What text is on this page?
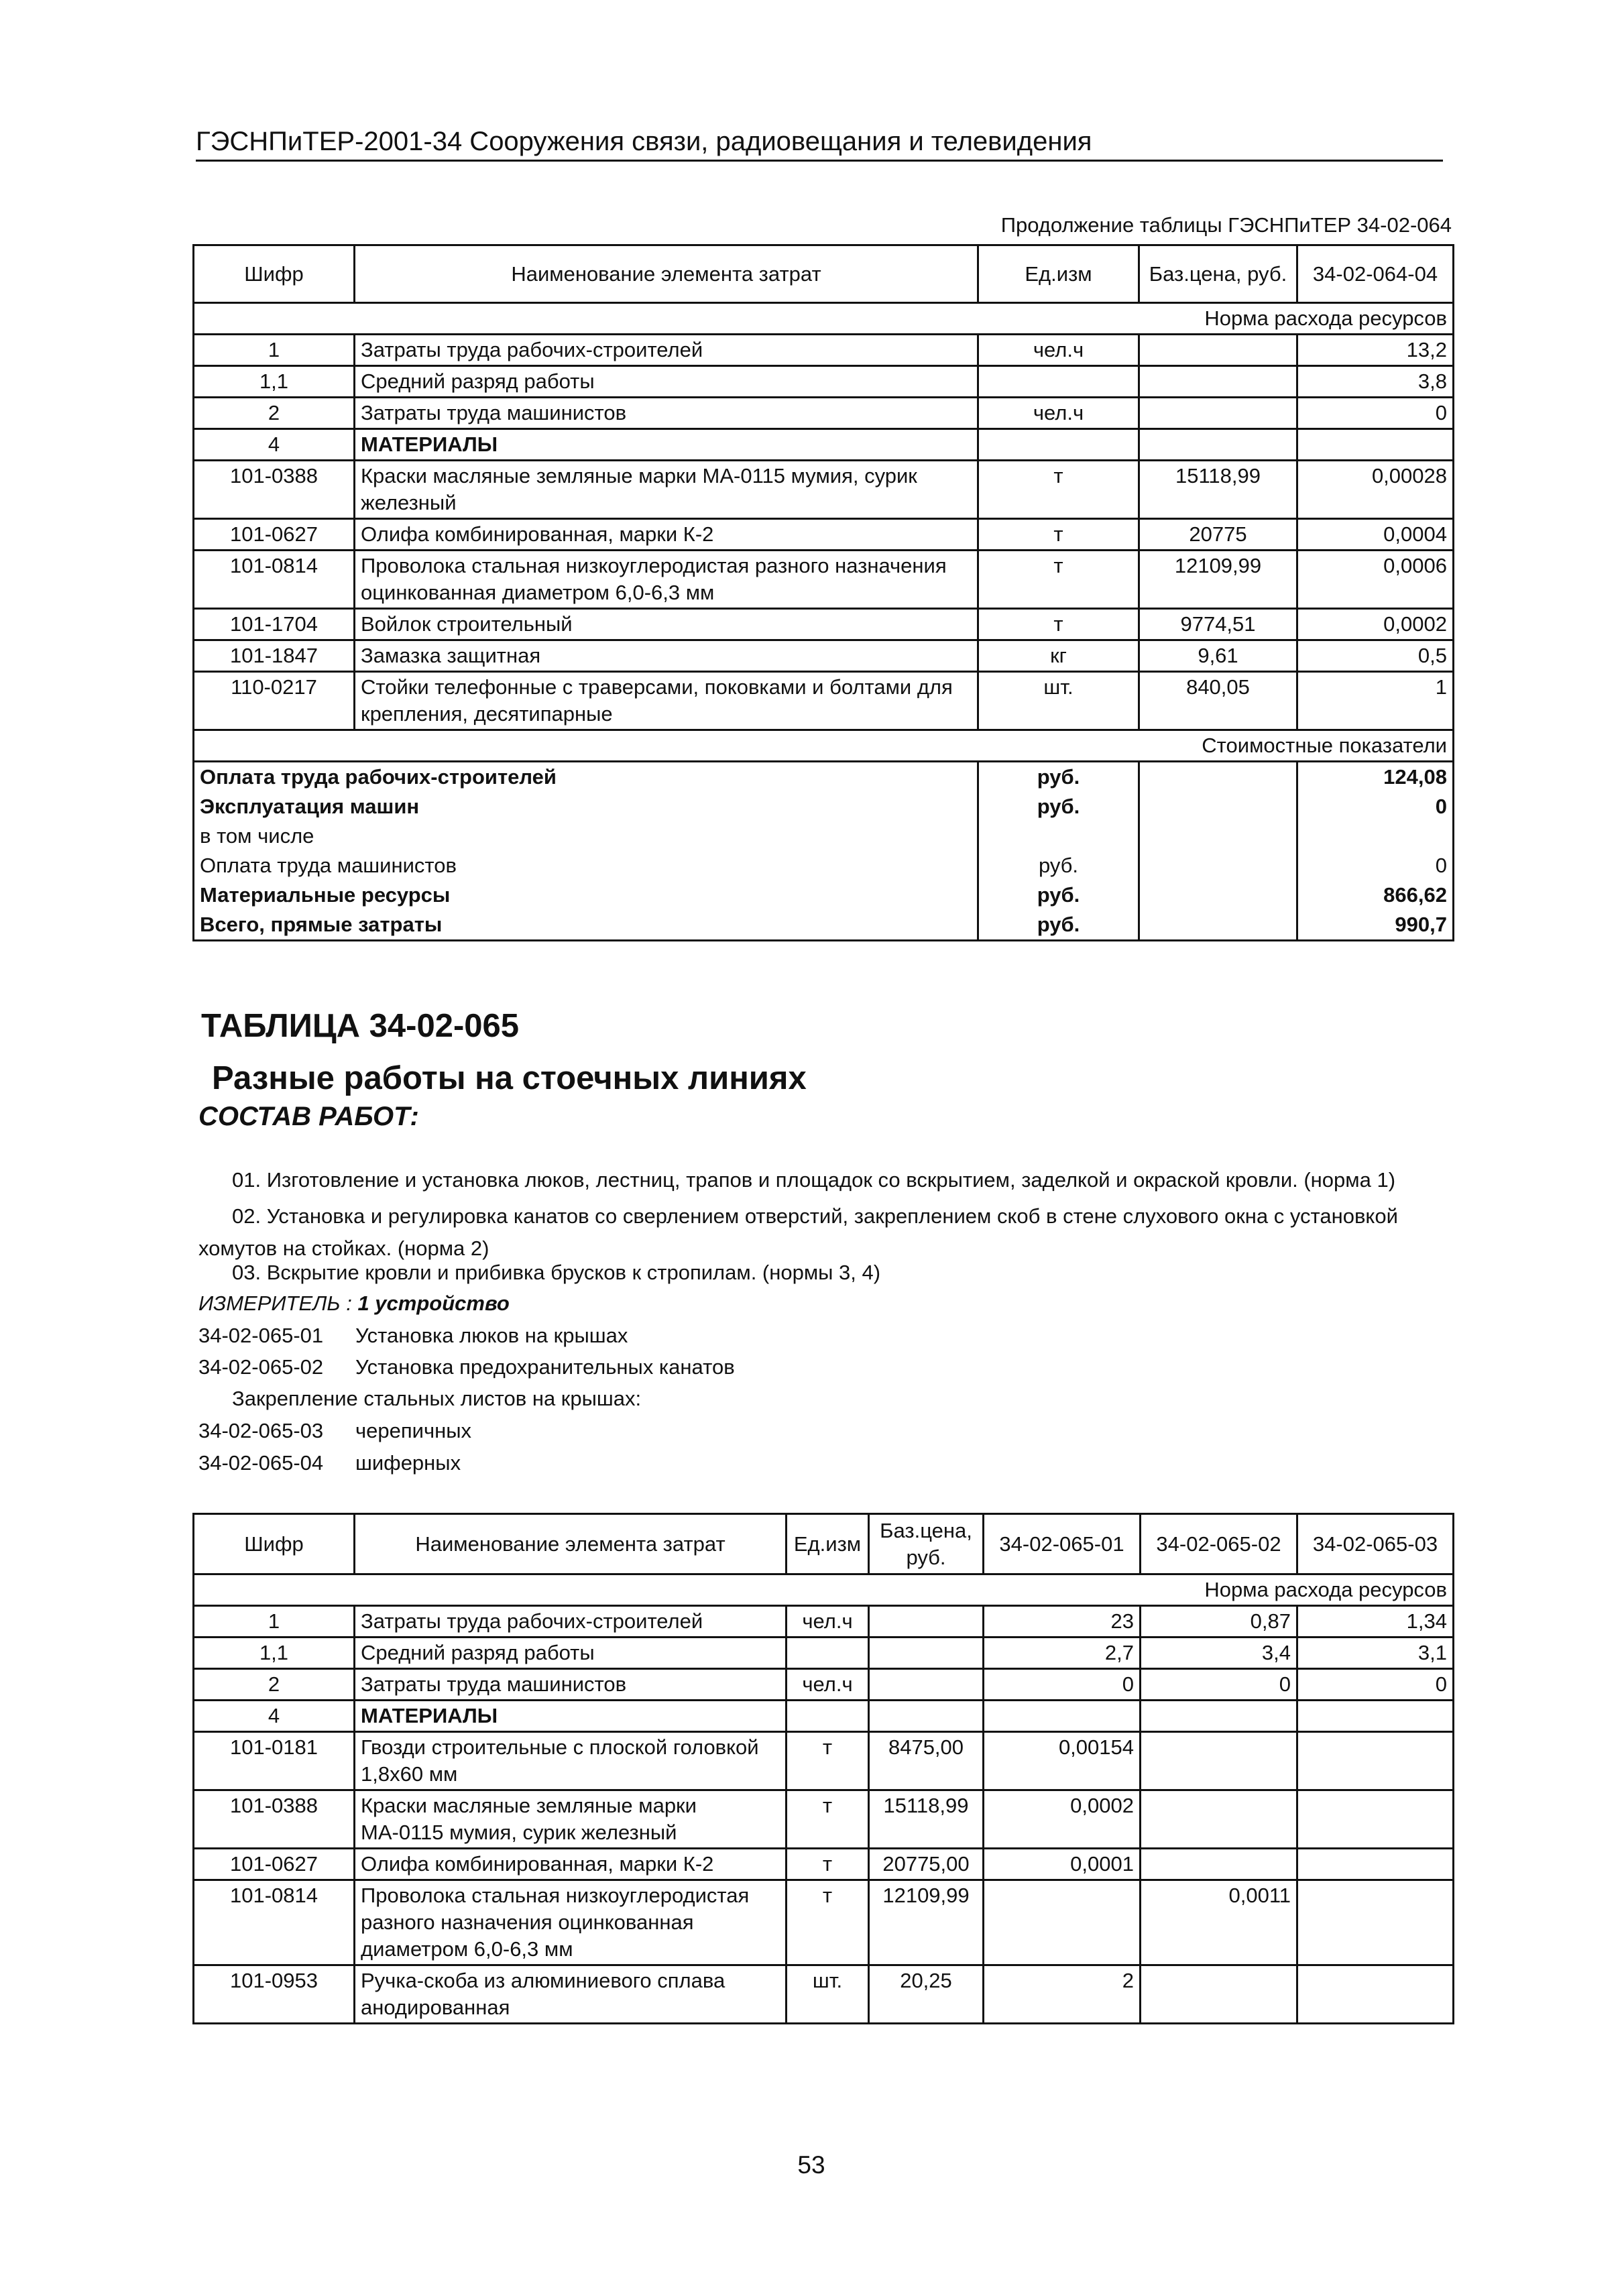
ГЭСНПиТЕР-2001-34 Сооружения связи, радиовещания и телевидения
Продолжение таблицы ГЭСНПиТЕР 34-02-064
Шифр	Наименование элемента затрат	Ед.изм	Баз.цена, руб.	34-02-064-04
Норма расхода ресурсов				
1	Затраты труда рабочих-строителей	чел.ч		13,2
1,1	Средний разряд работы			3,8
2	Затраты труда машинистов	чел.ч		0
4	МАТЕРИАЛЫ			
101-0388	Краски масляные земляные марки МА-0115 мумия, сурик железный	т	15118,99	0,00028
101-0627	Олифа комбинированная, марки К-2	т	20775	0,0004
101-0814	Проволока стальная низкоуглеродистая разного назначения оцинкованная диаметром 6,0-6,3 мм	т	12109,99	0,0006
101-1704	Войлок строительный	т	9774,51	0,0002
101-1847	Замазка защитная	кг	9,61	0,5
110-0217	Стойки телефонные с траверсами, поковками и болтами для крепления, десятипарные	шт.	840,05	1
Стоимостные показатели				
Оплата труда рабочих-строителей		руб.		124,08
Эксплуатация машин		руб.		0
в том числе				
Оплата труда машинистов		руб.		0
Материальные ресурсы		руб.		866,62
Всего, прямые затраты		руб.		990,7
ТАБЛИЦА 34-02-065
Разные работы на стоечных линиях
СОСТАВ РАБОТ:
01. Изготовление и установка люков, лестниц, трапов и площадок со вскрытием, заделкой и окраской кровли. (норма 1)
02. Установка и регулировка канатов со сверлением отверстий, закреплением скоб в стене слухового окна с установкой хомутов на стойках. (норма 2)
03. Вскрытие кровли и прибивка брусков к стропилам. (нормы 3, 4)
ИЗМЕРИТЕЛЬ : 1 устройство
34-02-065-01 Установка люков на крышах
34-02-065-02 Установка предохранительных канатов
Закрепление стальных листов на крышах:
34-02-065-03 черепичных
34-02-065-04 шиферных
Шифр	Наименование элемента затрат	Ед.изм	Баз.цена, руб.	34-02-065-01	34-02-065-02	34-02-065-03
Норма расхода ресурсов						
1	Затраты труда рабочих-строителей	чел.ч		23	0,87	1,34
1,1	Средний разряд работы			2,7	3,4	3,1
2	Затраты труда машинистов	чел.ч		0	0	0
4	МАТЕРИАЛЫ					
101-0181	Гвозди строительные с плоской головкой 1,8х60 мм	т	8475,00	0,00154		
101-0388	Краски масляные земляные марки МА-0115 мумия, сурик железный	т	15118,99	0,0002		
101-0627	Олифа комбинированная, марки К-2	т	20775,00	0,0001		
101-0814	Проволока стальная низкоуглеродистая разного назначения оцинкованная диаметром 6,0-6,3 мм	т	12109,99		0,0011	
101-0953	Ручка-скоба из алюминиевого сплава анодированная	шт.	20,25	2		
53
